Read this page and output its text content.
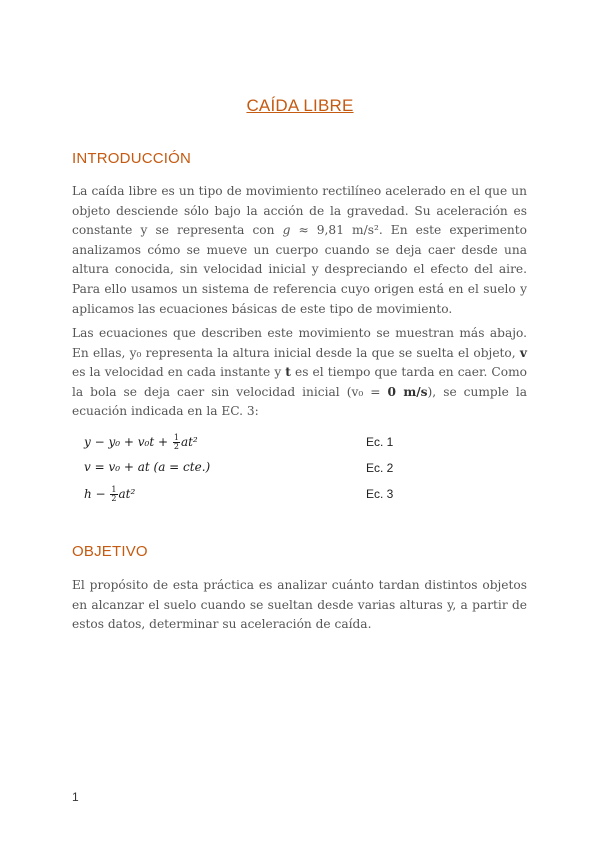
CAÍDA LIBRE
INTRODUCCIÓN

La caída libre es un tipo de movimiento rectilíneo acelerado en el que un objeto desciende sólo bajo la acción de la gravedad. Su aceleración es constante y se representa con g ≈ 9,81 m/s². En este experimento analizamos cómo se mueve un cuerpo cuando se deja caer desde una altura conocida, sin velocidad inicial y despreciando el efecto del aire. Para ello usamos un sistema de referencia cuyo origen está en el suelo y aplicamos las ecuaciones básicas de este tipo de movimiento.

Las ecuaciones que describen este movimiento se muestran más abajo. En ellas, y₀ representa la altura inicial desde la que se suelta el objeto, v es la velocidad en cada instante y t es el tiempo que tarda en caer. Como la bola se deja caer sin velocidad inicial (v₀ = 0 m/s), se cumple la ecuación indicada en la EC. 3:

$y - y_0 + v_0t + \frac{1}{2} at^2$	Ec. 1
v = v₀ + at (a = cte.)	Ec. 2
$h - \frac{1}{2} at^2$	Ec. 3
OBJETIVO

El propósito de esta práctica es analizar cuánto tardan distintos objetos en alcanzar el suelo cuando se sueltan desde varias alturas y, a partir de estos datos, determinar su aceleración de caída.

1
